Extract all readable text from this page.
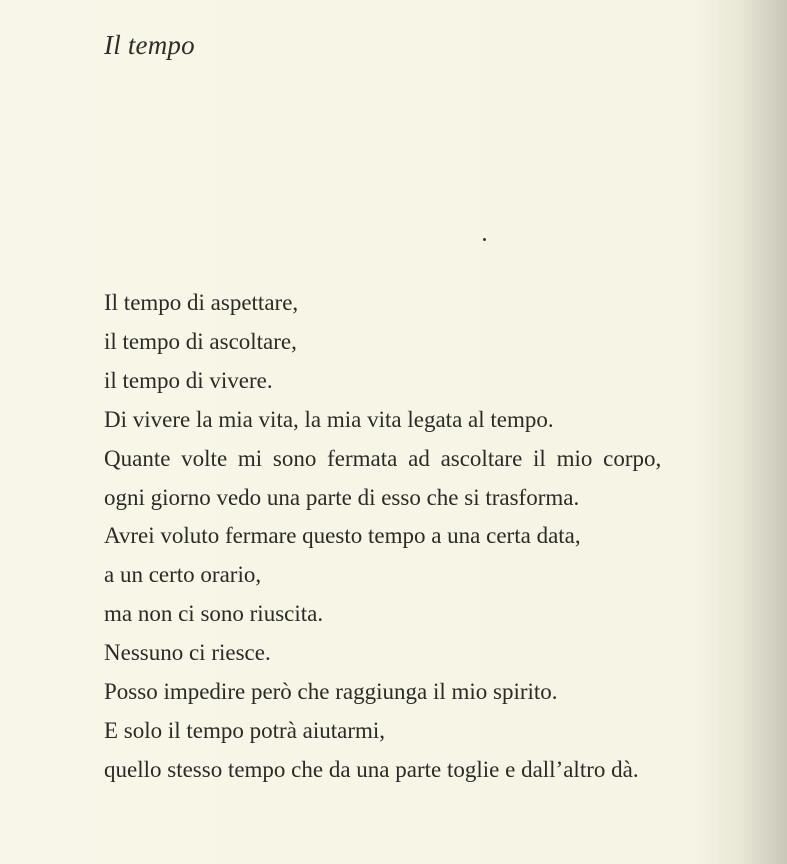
Il tempo
Il tempo di aspettare,
il tempo di ascoltare,
il tempo di vivere.
Di vivere la mia vita, la mia vita legata al tempo.
Quante volte mi sono fermata ad ascoltare il mio corpo,
ogni giorno vedo una parte di esso che si trasforma.
Avrei voluto fermare questo tempo a una certa data,
a un certo orario,
ma non ci sono riuscita.
Nessuno ci riesce.
Posso impedire però che raggiunga il mio spirito.
E solo il tempo potrà aiutarmi,
quello stesso tempo che da una parte toglie e dall’altro dà.
